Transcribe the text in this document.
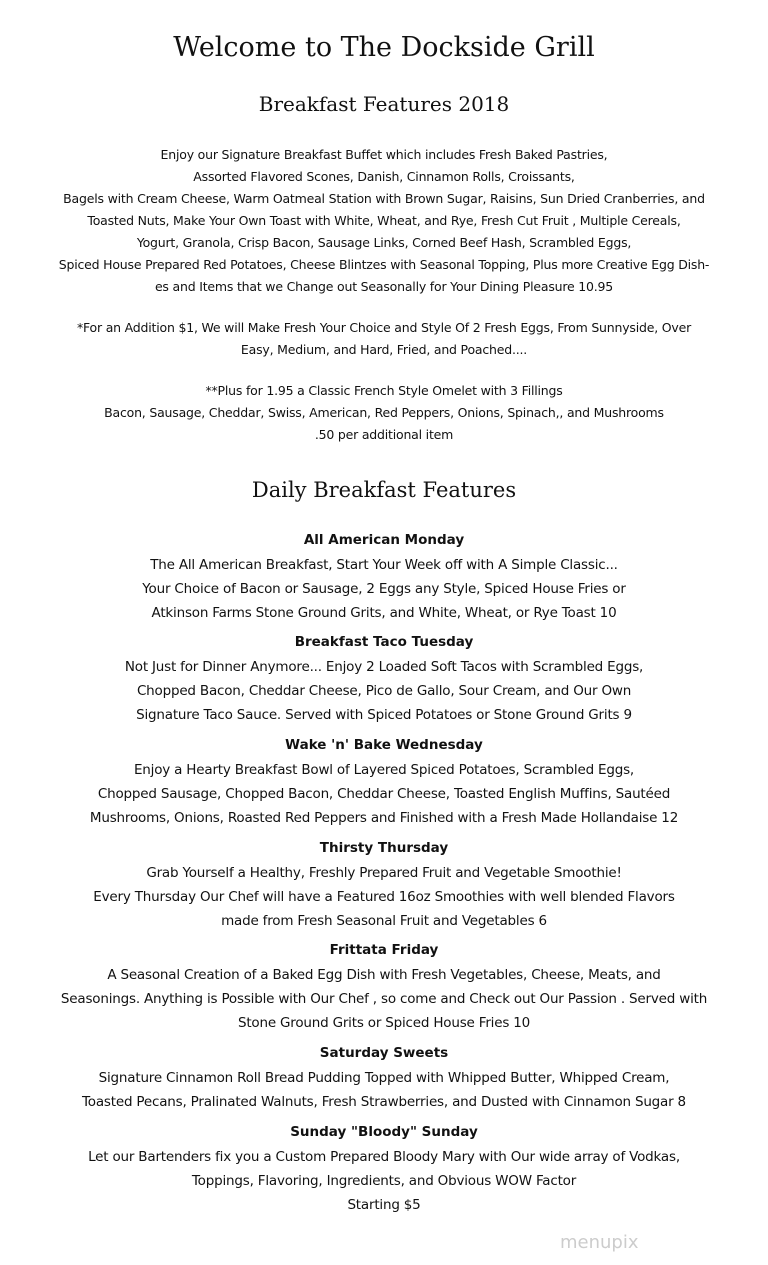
Welcome to The Dockside Grill
Breakfast Features 2018
Enjoy our Signature Breakfast Buffet which includes Fresh Baked Pastries,
Assorted Flavored Scones, Danish, Cinnamon Rolls, Croissants,
Bagels with Cream Cheese, Warm Oatmeal Station with Brown Sugar, Raisins, Sun Dried Cranberries, and
Toasted Nuts, Make Your Own Toast with White, Wheat, and Rye, Fresh Cut Fruit , Multiple Cereals,
Yogurt, Granola, Crisp Bacon, Sausage Links, Corned Beef Hash, Scrambled Eggs,
Spiced House Prepared Red Potatoes, Cheese Blintzes with Seasonal Topping, Plus more Creative Egg Dish-
es and Items that we Change out Seasonally for Your Dining Pleasure 10.95
*For an Addition $1, We will Make Fresh Your Choice and Style Of 2 Fresh Eggs, From Sunnyside, Over
Easy, Medium, and Hard, Fried, and Poached....
**Plus for 1.95 a Classic French Style Omelet with 3 Fillings
Bacon, Sausage, Cheddar, Swiss, American, Red Peppers, Onions, Spinach,, and Mushrooms
.50 per additional item
Daily Breakfast Features
All American Monday
The All American Breakfast, Start Your Week off with A Simple Classic...
Your Choice of Bacon or Sausage, 2 Eggs any Style, Spiced House Fries or
Atkinson Farms Stone Ground Grits, and White, Wheat, or Rye Toast 10
Breakfast Taco Tuesday
Not Just for Dinner Anymore... Enjoy 2 Loaded Soft Tacos with Scrambled Eggs,
Chopped Bacon, Cheddar Cheese, Pico de Gallo, Sour Cream, and Our Own
Signature Taco Sauce. Served with Spiced Potatoes or Stone Ground Grits 9
Wake 'n' Bake Wednesday
Enjoy a Hearty Breakfast Bowl of Layered Spiced Potatoes, Scrambled Eggs,
Chopped Sausage, Chopped Bacon, Cheddar Cheese, Toasted English Muffins, Sautéed
Mushrooms, Onions, Roasted Red Peppers and Finished with a Fresh Made Hollandaise 12
Thirsty Thursday
Grab Yourself a Healthy, Freshly Prepared Fruit and Vegetable Smoothie!
Every Thursday Our Chef will have a Featured 16oz Smoothies with well blended Flavors
made from Fresh Seasonal Fruit and Vegetables 6
Frittata Friday
A Seasonal Creation of a Baked Egg Dish with Fresh Vegetables, Cheese, Meats, and
Seasonings. Anything is Possible with Our Chef , so come and Check out Our Passion . Served with
Stone Ground Grits or Spiced House Fries 10
Saturday Sweets
Signature Cinnamon Roll Bread Pudding Topped with Whipped Butter, Whipped Cream,
Toasted Pecans, Pralinated Walnuts, Fresh Strawberries, and Dusted with Cinnamon Sugar 8
Sunday "Bloody" Sunday
Let our Bartenders fix you a Custom Prepared Bloody Mary with Our wide array of Vodkas,
Toppings, Flavoring, Ingredients, and Obvious WOW Factor
Starting $5
menupix
